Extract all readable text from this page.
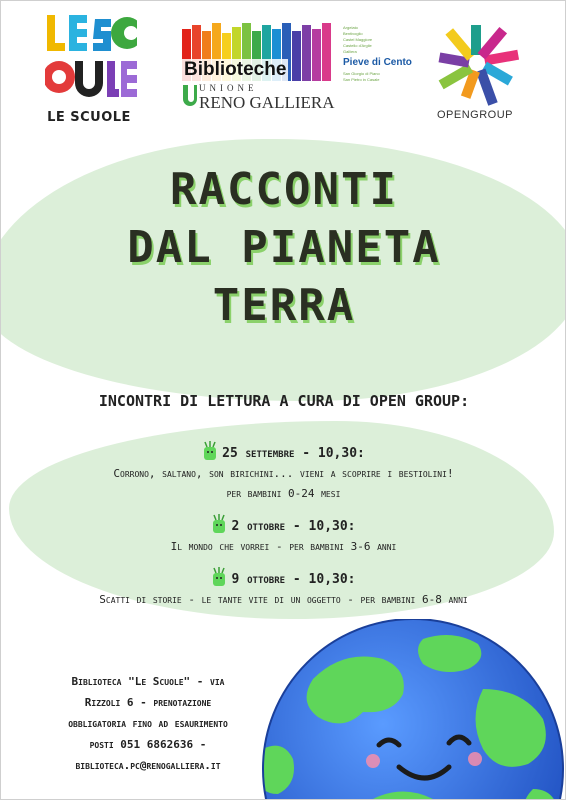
LE SCUOLE
Biblioteche
UNIONE
RENO GALLIERA
Argelato
Bentivoglio
Castel Maggiore
Castello d'Argile
Galliera
Pieve di Cento
San Giorgio di Piano
San Pietro in Casale
OPENGROUP
RACCONTI
DAL PIANETA
TERRA
INCONTRI DI LETTURA A CURA DI OPEN GROUP:
25 settembre - 10,30:
Corrono, saltano, son birichini... vieni a scoprire i bestiolini!
per bambini 0-24 mesi
2 ottobre - 10,30:
Il mondo che vorrei - per bambini 3-6 anni
9 ottobre - 10,30:
Scatti di storie - le tante vite di un oggetto - per bambini 6-8 anni
Biblioteca "Le Scuole" - via
Rizzoli 6 - prenotazione
obbligatoria fino ad esaurimento
posti 051 6862636 -
biblioteca.pc@renogalliera.it
